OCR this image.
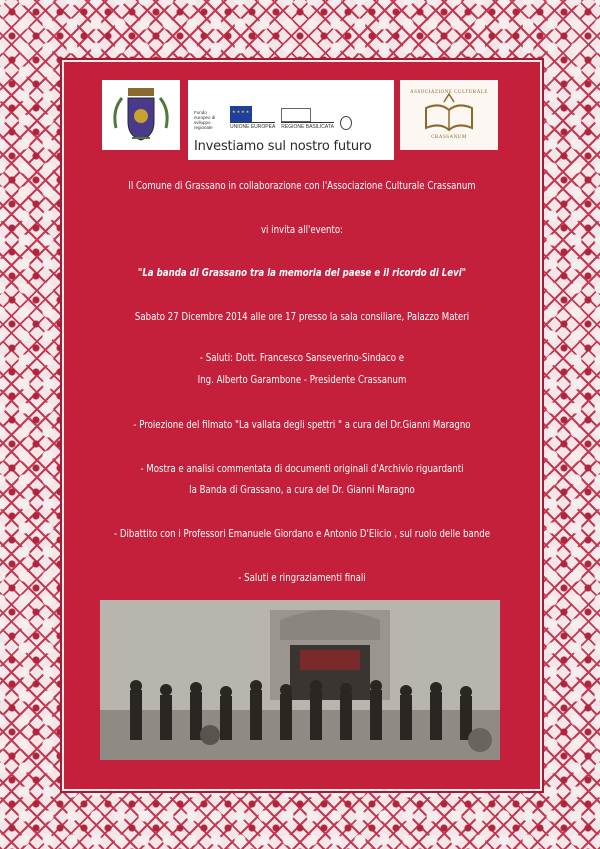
Fondo europeo di sviluppo regionale
★★★★	UNIONE EUROPEA REGIONE BASILICATA
Investiamo sul nostro futuro
ASSOCIAZIONE CULTURALE
CRASSANUM
Il Comune di Grassano in collaborazione con l'Associazione Culturale Crassanum
vi invita all'evento:
"La banda di Grassano tra la memoria del paese e il ricordo di Levi"
Sabato 27 Dicembre 2014 alle ore 17 presso la sala consiliare, Palazzo Materi
- Saluti: Dott. Francesco Sanseverino-Sindaco e
Ing. Alberto Garambone - Presidente Crassanum
- Proiezione del filmato "La vallata degli spettri " a cura del Dr.Gianni Maragno
- Mostra e analisi commentata di documenti originali d'Archivio riguardanti
la Banda di Grassano, a cura del Dr. Gianni Maragno
- Dibattito con i Professori Emanuele Giordano e Antonio D'Elicio , sul ruolo delle bande
- Saluti e ringraziamenti finali
